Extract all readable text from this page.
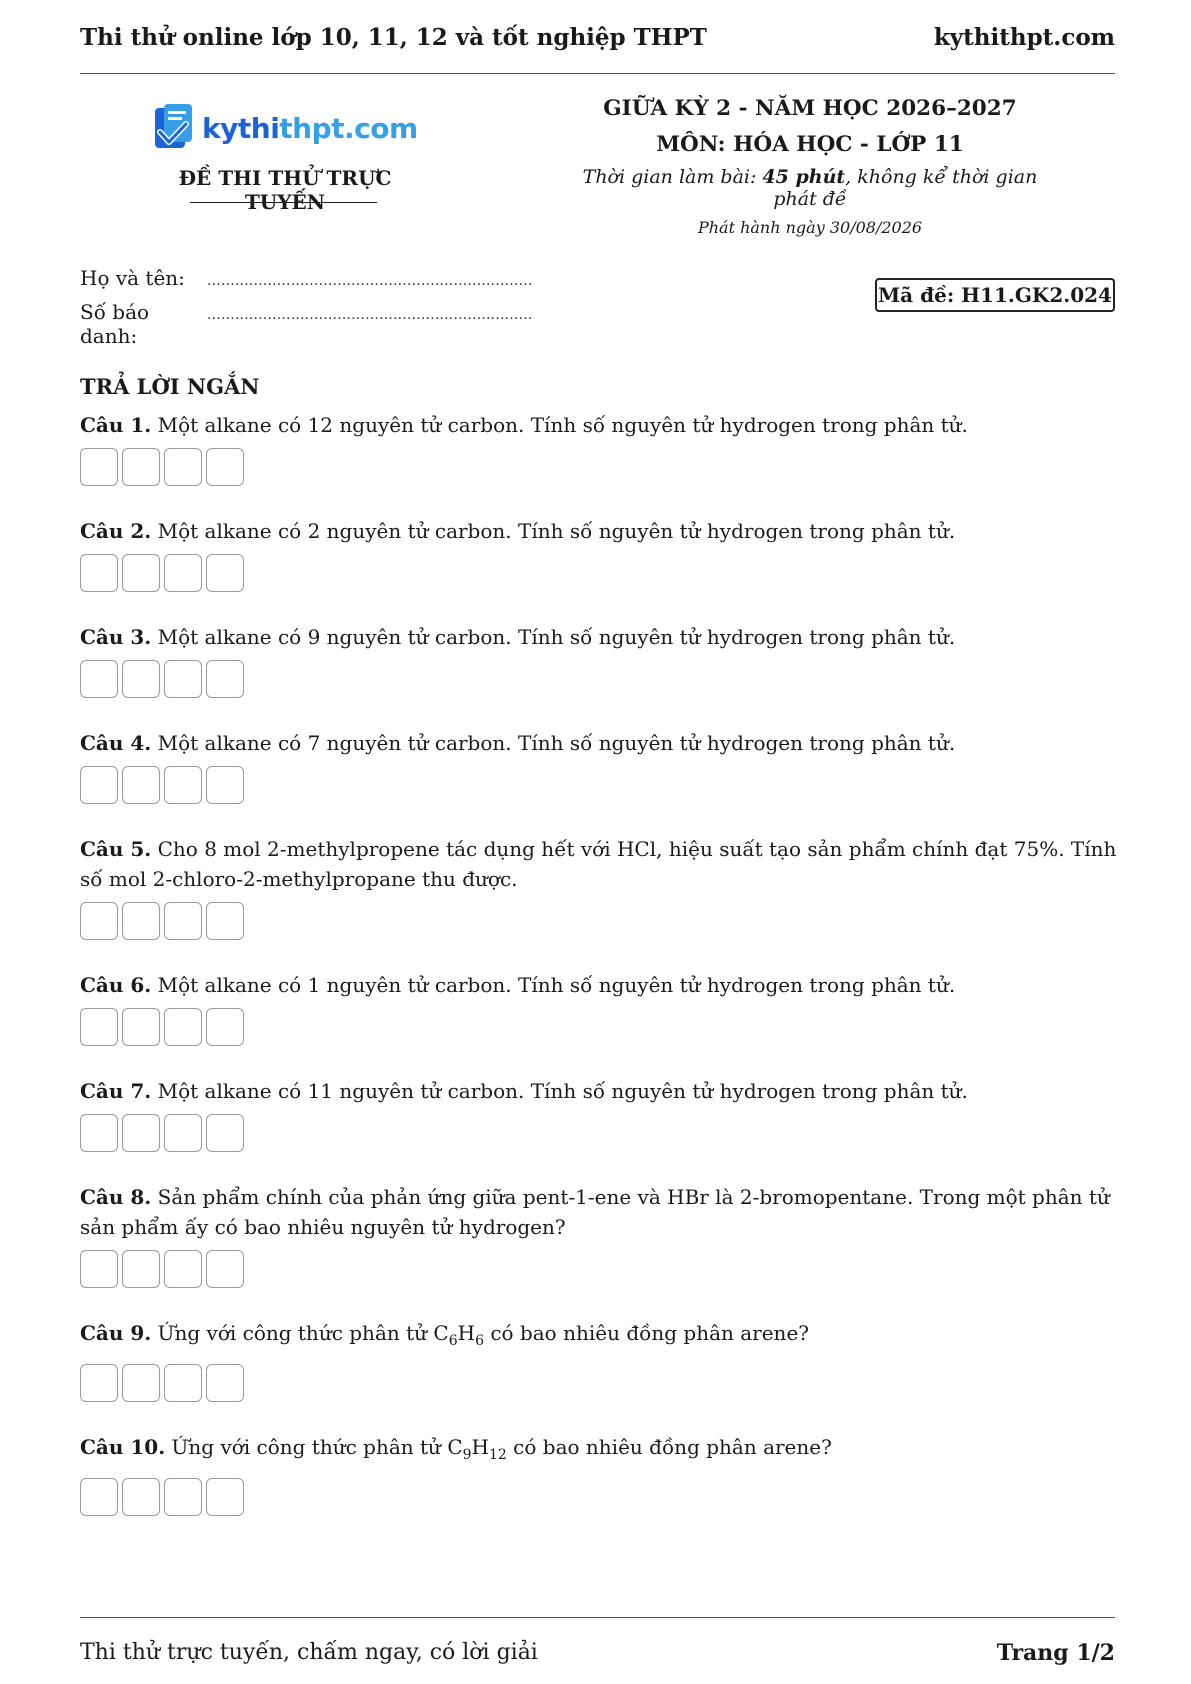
Thi thử online lớp 10, 11, 12 và tốt nghiệp THPT	kythithpt.com
kythithpt.com
ĐỀ THI THỬ TRỰC TUYẾN
GIỮA KỲ 2 - NĂM HỌC 2026–2027
MÔN: HÓA HỌC - LỚP 11
Thời gian làm bài: 45 phút, không kể thời gian phát đề
Phát hành ngày 30/08/2026
Họ và tên:	......................................................................
Số báo danh:
......................................................................
Mã đề: H11.GK2.024
TRẢ LỜI NGẮN
Câu 1. Một alkane có 12 nguyên tử carbon. Tính số nguyên tử hydrogen trong phân tử.
Câu 2. Một alkane có 2 nguyên tử carbon. Tính số nguyên tử hydrogen trong phân tử.
Câu 3. Một alkane có 9 nguyên tử carbon. Tính số nguyên tử hydrogen trong phân tử.
Câu 4. Một alkane có 7 nguyên tử carbon. Tính số nguyên tử hydrogen trong phân tử.
Câu 5. Cho 8 mol 2-methylpropene tác dụng hết với HCl, hiệu suất tạo sản phẩm chính đạt 75%. Tính số mol 2-chloro-2-methylpropane thu được.
Câu 6. Một alkane có 1 nguyên tử carbon. Tính số nguyên tử hydrogen trong phân tử.
Câu 7. Một alkane có 11 nguyên tử carbon. Tính số nguyên tử hydrogen trong phân tử.
Câu 8. Sản phẩm chính của phản ứng giữa pent-1-ene và HBr là 2-bromopentane. Trong một phân tử sản phẩm ấy có bao nhiêu nguyên tử hydrogen?
Câu 9. Ứng với công thức phân tử $C_6H_6$ có bao nhiêu đồng phân arene?
Câu 10. Ứng với công thức phân tử $C_9H_{12}$ có bao nhiêu đồng phân arene?
Thi thử trực tuyến, chấm ngay, có lời giải	Trang 1/2
